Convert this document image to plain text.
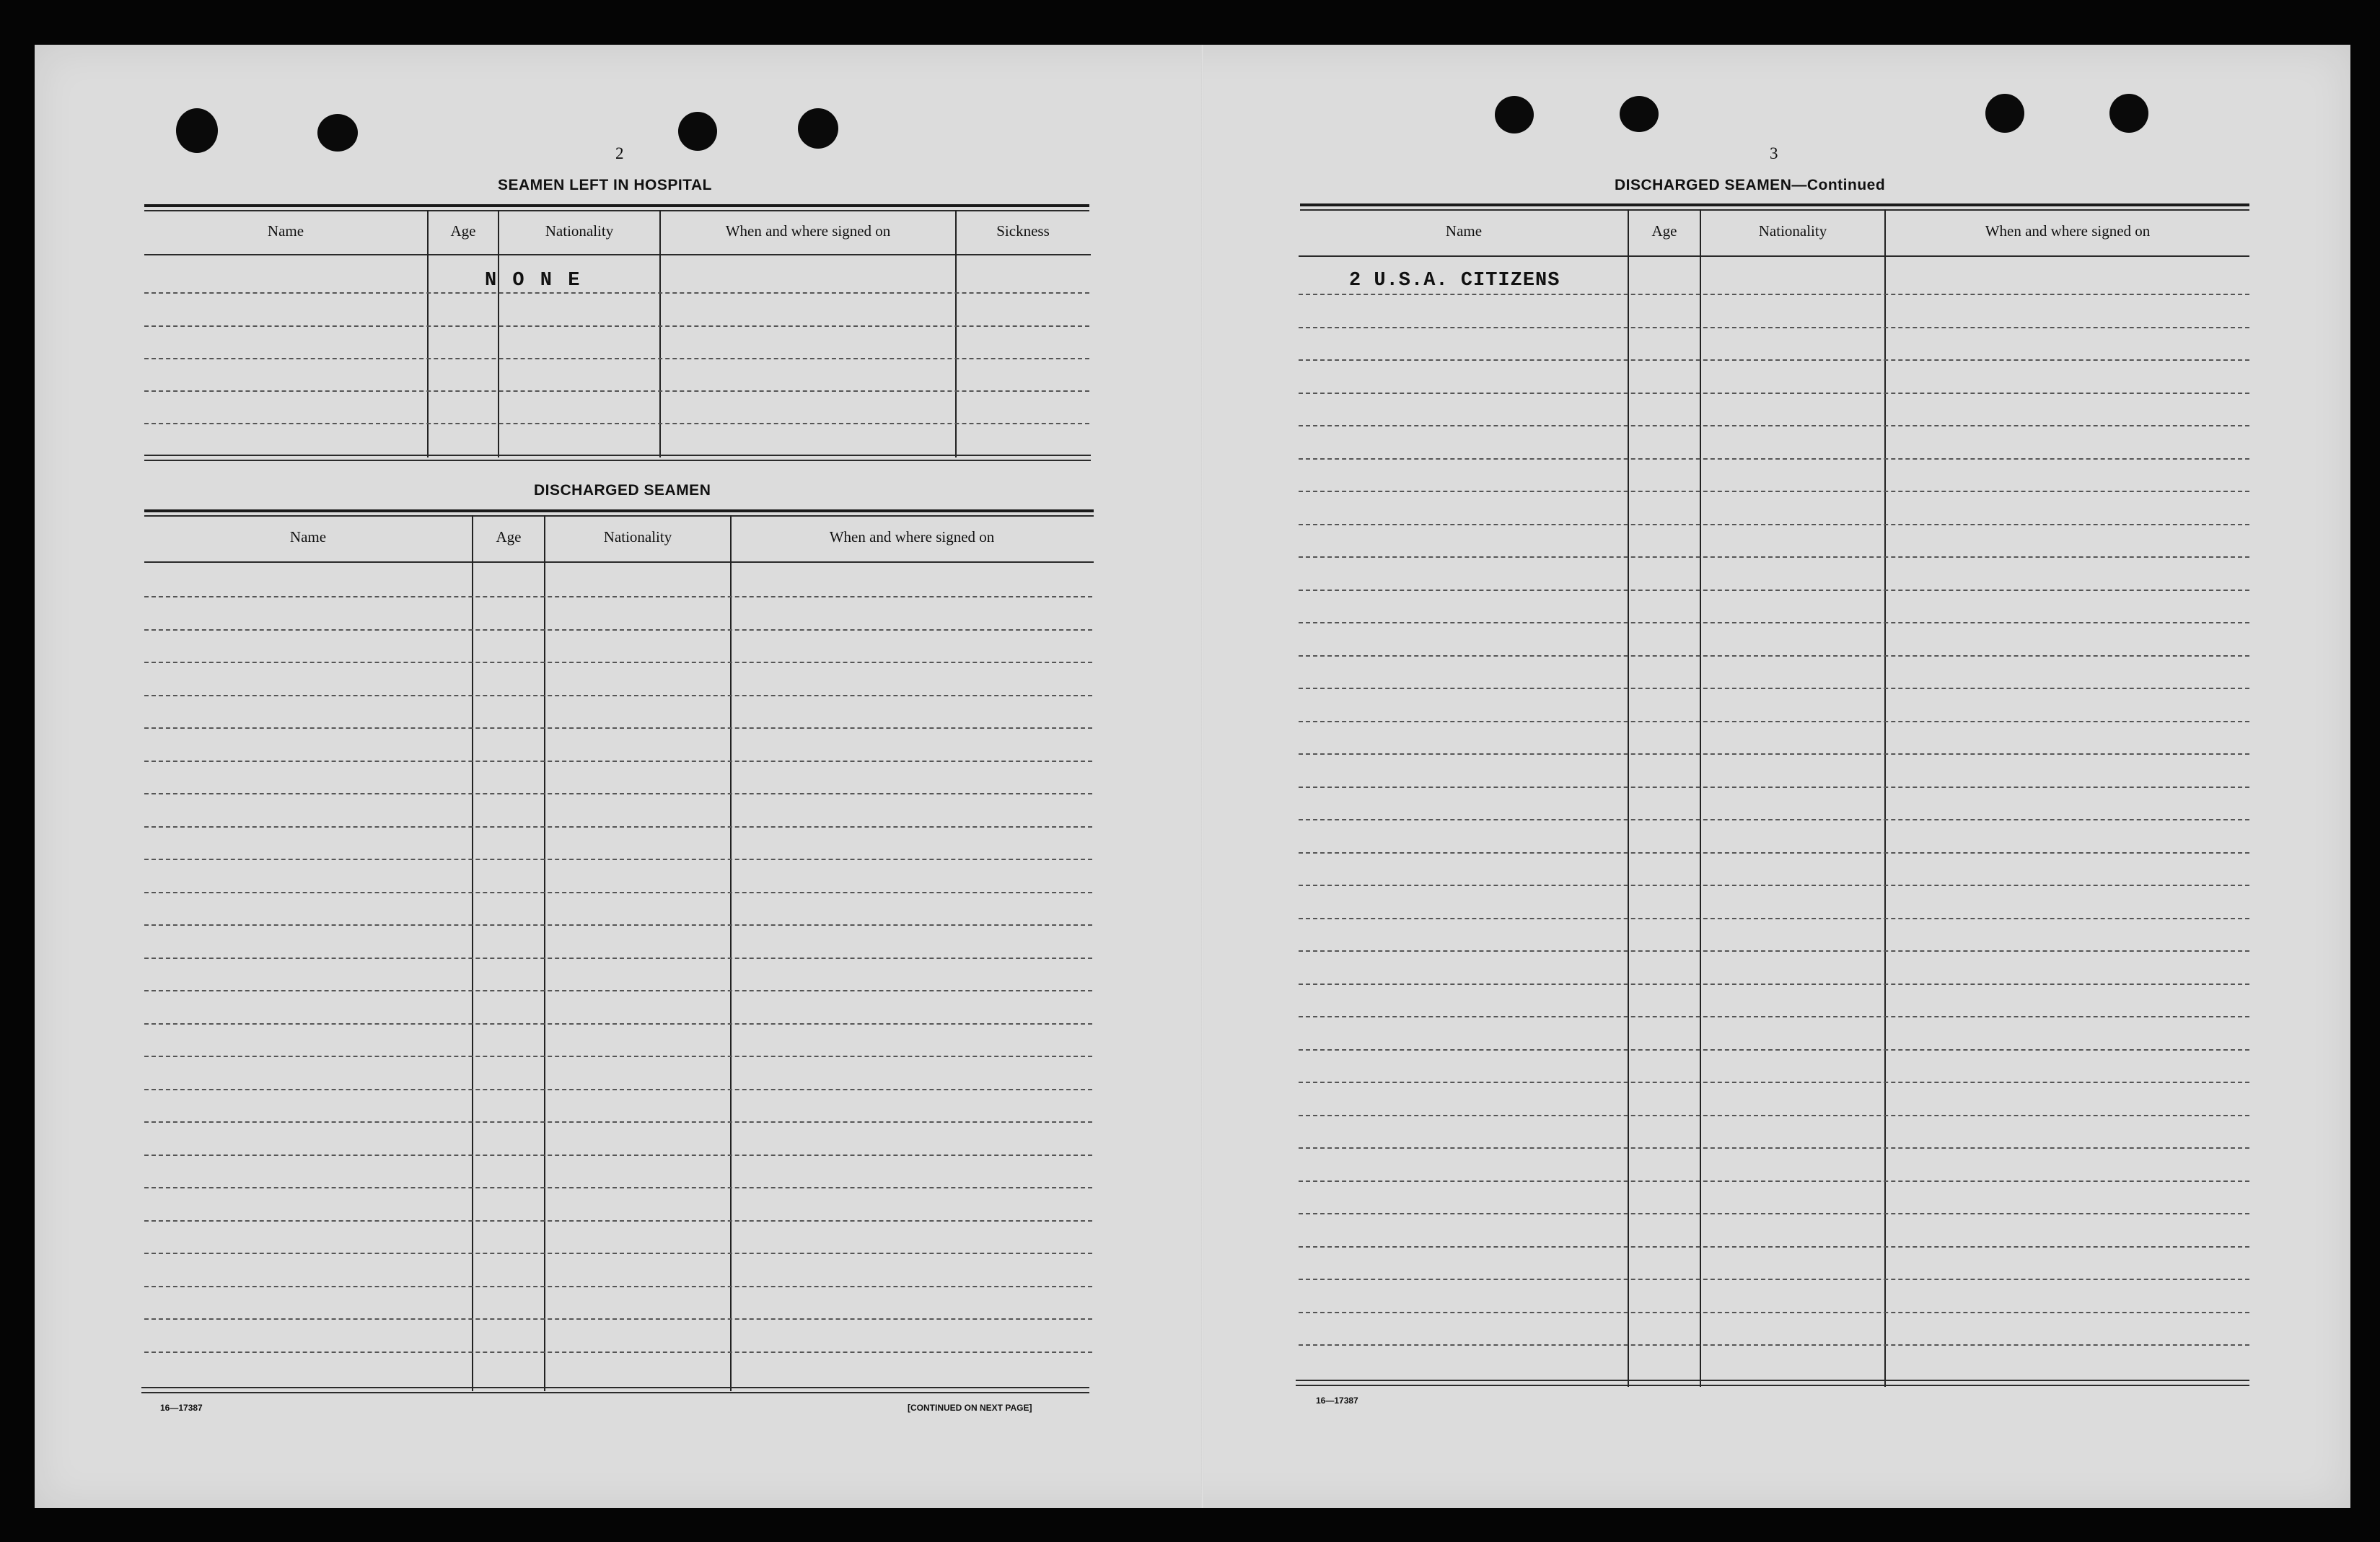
2
SEAMEN LEFT IN HOSPITAL
Name	Age	Nationality	When and where signed on	Sickness
N O N E
DISCHARGED SEAMEN
Name	Age	Nationality	When and where signed on
16—17387	[CONTINUED ON NEXT PAGE]
3
DISCHARGED SEAMEN—Continued
Name	Age	Nationality	When and where signed on
2 U.S.A. CITIZENS
16—17387
